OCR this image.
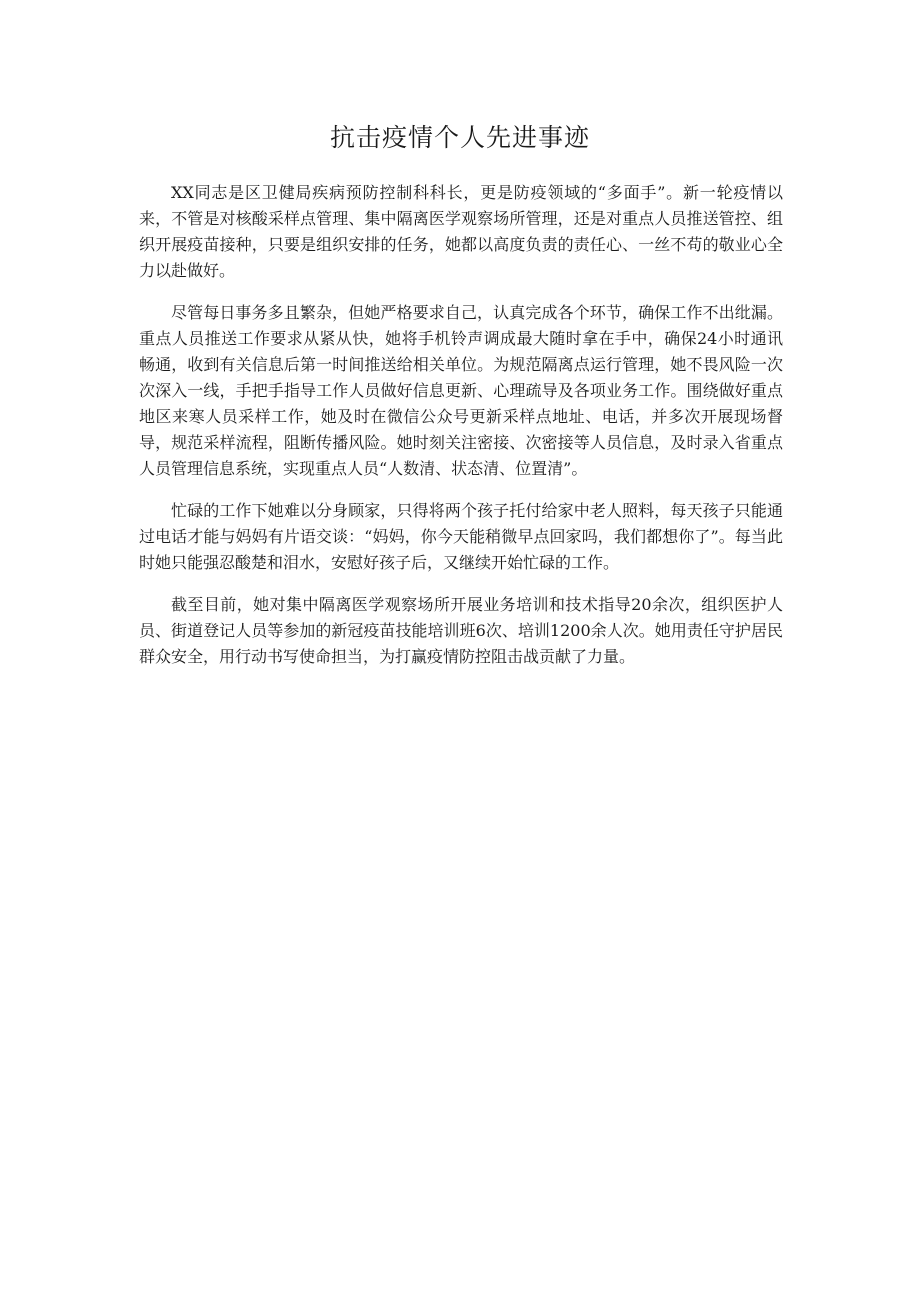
抗击疫情个人先进事迹

XX同志是区卫健局疾病预防控制科科长，更是防疫领域的“多面手”。新一轮疫情以来，不管是对核酸采样点管理、集中隔离医学观察场所管理，还是对重点人员推送管控、组织开展疫苗接种，只要是组织安排的任务，她都以高度负责的责任心、一丝不苟的敬业心全力以赴做好。

尽管每日事务多且繁杂，但她严格要求自己，认真完成各个环节，确保工作不出纰漏。重点人员推送工作要求从紧从快，她将手机铃声调成最大随时拿在手中，确保24小时通讯畅通，收到有关信息后第一时间推送给相关单位。为规范隔离点运行管理，她不畏风险一次次深入一线，手把手指导工作人员做好信息更新、心理疏导及各项业务工作。围绕做好重点地区来寒人员采样工作，她及时在微信公众号更新采样点地址、电话，并多次开展现场督导，规范采样流程，阻断传播风险。她时刻关注密接、次密接等人员信息，及时录入省重点人员管理信息系统，实现重点人员“人数清、状态清、位置清”。

忙碌的工作下她难以分身顾家，只得将两个孩子托付给家中老人照料，每天孩子只能通过电话才能与妈妈有片语交谈：“妈妈，你今天能稍微早点回家吗，我们都想你了”。每当此时她只能强忍酸楚和泪水，安慰好孩子后，又继续开始忙碌的工作。

截至目前，她对集中隔离医学观察场所开展业务培训和技术指导20余次，组织医护人员、街道登记人员等参加的新冠疫苗技能培训班6次、培训1200余人次。她用责任守护居民群众安全，用行动书写使命担当，为打赢疫情防控阻击战贡献了力量。
